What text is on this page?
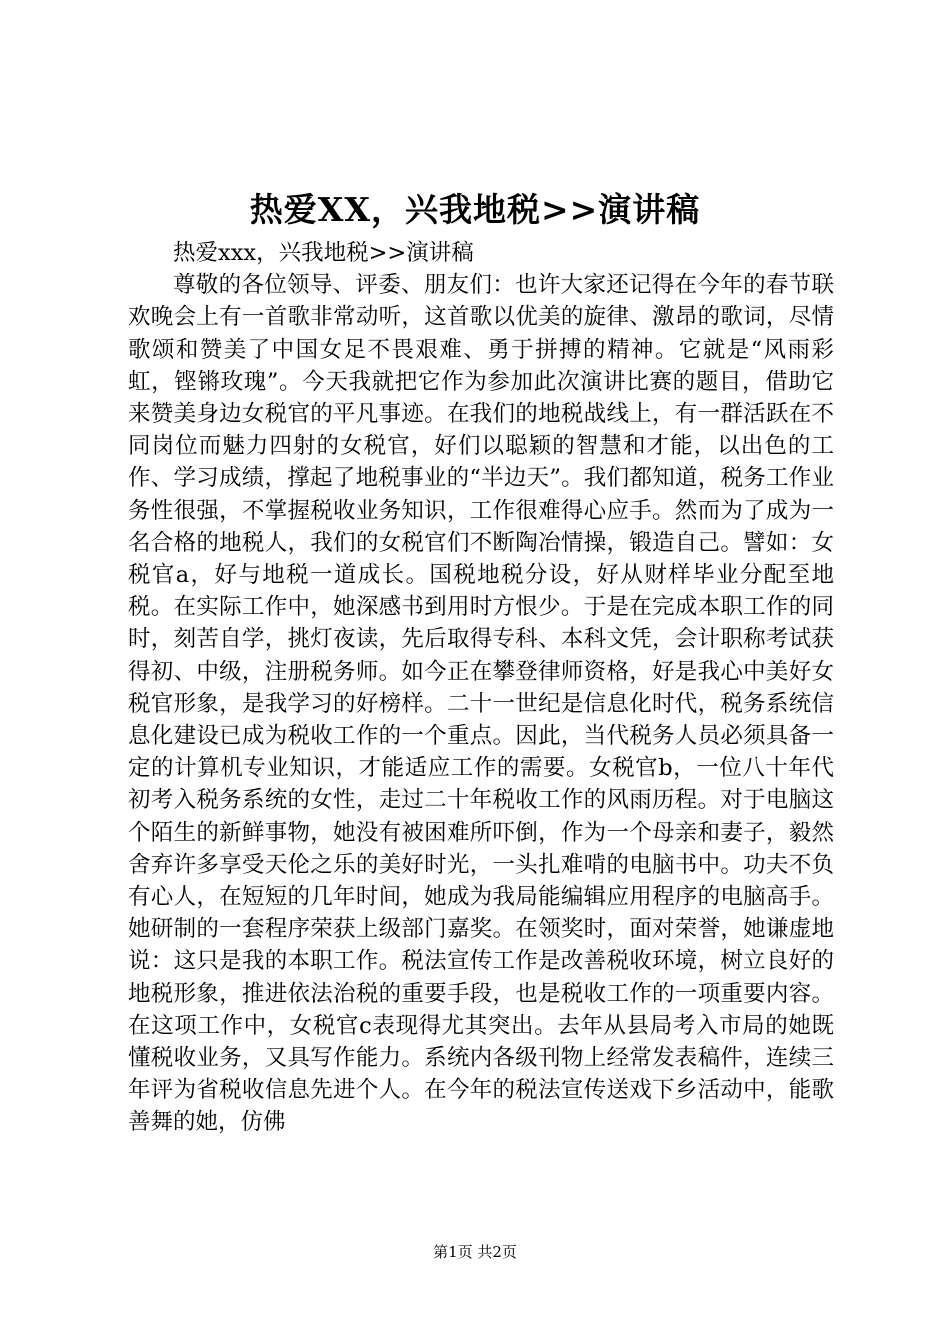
热爱XX，兴我地税>>演讲稿

热爱xxx，兴我地税>>演讲稿

尊敬的各位领导、评委、朋友们：也许大家还记得在今年的春节联欢晚会上有一首歌非常动听，这首歌以优美的旋律、激昂的歌词，尽情歌颂和赞美了中国女足不畏艰难、勇于拼搏的精神。它就是“风雨彩虹，铿锵玫瑰”。今天我就把它作为参加此次演讲比赛的题目，借助它来赞美身边女税官的平凡事迹。在我们的地税战线上，有一群活跃在不同岗位而魅力四射的女税官，好们以聪颖的智慧和才能，以出色的工作、学习成绩，撑起了地税事业的“半边天”。我们都知道，税务工作业务性很强，不掌握税收业务知识，工作很难得心应手。然而为了成为一名合格的地税人，我们的女税官们不断陶冶情操，锻造自己。譬如：女税官a，好与地税一道成长。国税地税分设，好从财样毕业分配至地税。在实际工作中，她深感书到用时方恨少。于是在完成本职工作的同时，刻苦自学，挑灯夜读，先后取得专科、本科文凭，会计职称考试获得初、中级，注册税务师。如今正在攀登律师资格，好是我心中美好女税官形象，是我学习的好榜样。二十一世纪是信息化时代，税务系统信息化建设已成为税收工作的一个重点。因此，当代税务人员必须具备一定的计算机专业知识，才能适应工作的需要。女税官b，一位八十年代初考入税务系统的女性，走过二十年税收工作的风雨历程。对于电脑这个陌生的新鲜事物，她没有被困难所吓倒，作为一个母亲和妻子，毅然舍弃许多享受天伦之乐的美好时光，一头扎难啃的电脑书中。功夫不负有心人，在短短的几年时间，她成为我局能编辑应用程序的电脑高手。她研制的一套程序荣获上级部门嘉奖。在领奖时，面对荣誉，她谦虚地说：这只是我的本职工作。税法宣传工作是改善税收环境，树立良好的地税形象，推进依法治税的重要手段，也是税收工作的一项重要内容。在这项工作中，女税官c表现得尤其突出。去年从县局考入市局的她既懂税收业务，又具写作能力。系统内各级刊物上经常发表稿件，连续三年评为省税收信息先进个人。在今年的税法宣传送戏下乡活动中，能歌善舞的她，仿佛

第1页 共2页
